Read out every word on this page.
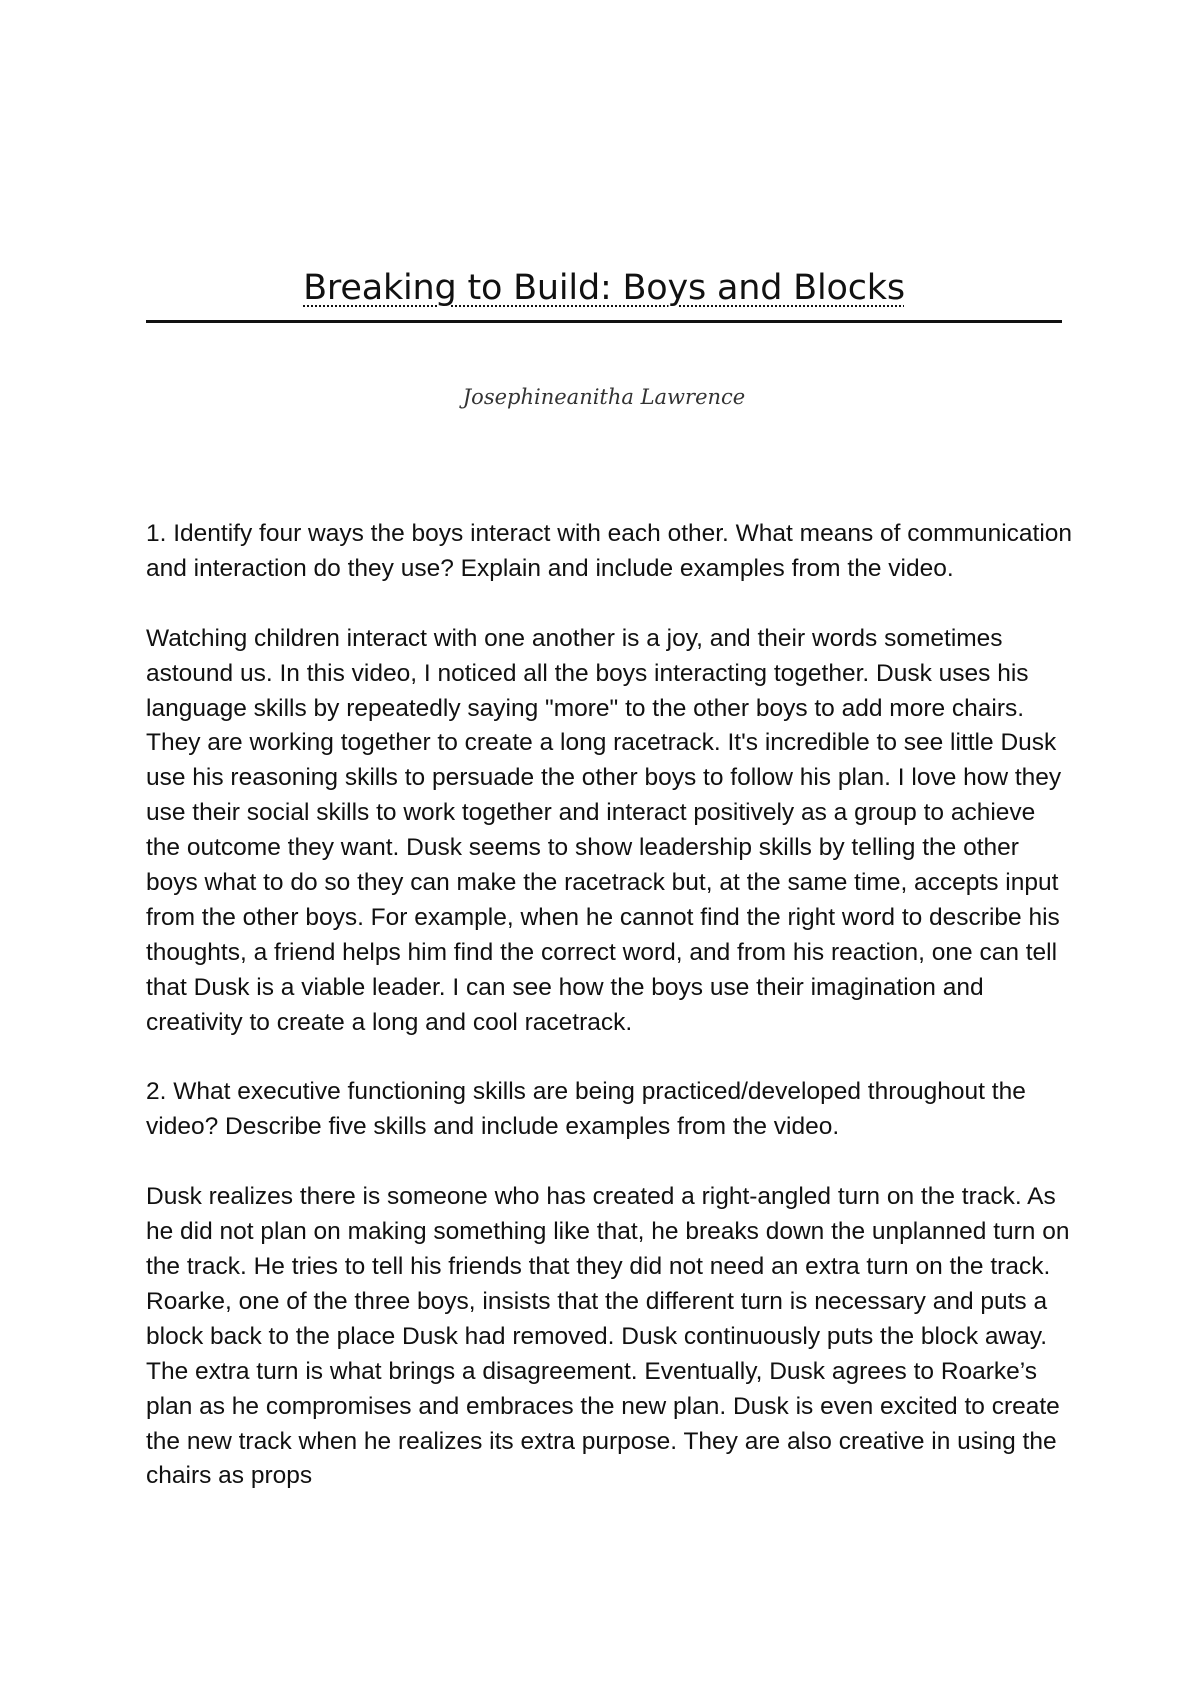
Breaking to Build: Boys and Blocks

Josephineanitha Lawrence

1. Identify four ways the boys interact with each other. What means of communication and interaction do they use? Explain and include examples from the video.

Watching children interact with one another is a joy, and their words sometimes astound us. In this video, I noticed all the boys interacting together. Dusk uses his language skills by repeatedly saying "more" to the other boys to add more chairs. They are working together to create a long racetrack. It's incredible to see little Dusk use his reasoning skills to persuade the other boys to follow his plan. I love how they use their social skills to work together and interact positively as a group to achieve the outcome they want. Dusk seems to show leadership skills by telling the other boys what to do so they can make the racetrack but, at the same time, accepts input from the other boys. For example, when he cannot find the right word to describe his thoughts, a friend helps him find the correct word, and from his reaction, one can tell that Dusk is a viable leader. I can see how the boys use their imagination and creativity to create a long and cool racetrack.

2. What executive functioning skills are being practiced/developed throughout the video? Describe five skills and include examples from the video.

Dusk realizes there is someone who has created a right-angled turn on the track. As he did not plan on making something like that, he breaks down the unplanned turn on the track. He tries to tell his friends that they did not need an extra turn on the track. Roarke, one of the three boys, insists that the different turn is necessary and puts a block back to the place Dusk had removed. Dusk continuously puts the block away. The extra turn is what brings a disagreement. Eventually, Dusk agrees to Roarke’s plan as he compromises and embraces the new plan. Dusk is even excited to create the new track when he realizes its extra purpose. They are also creative in using the chairs as props
